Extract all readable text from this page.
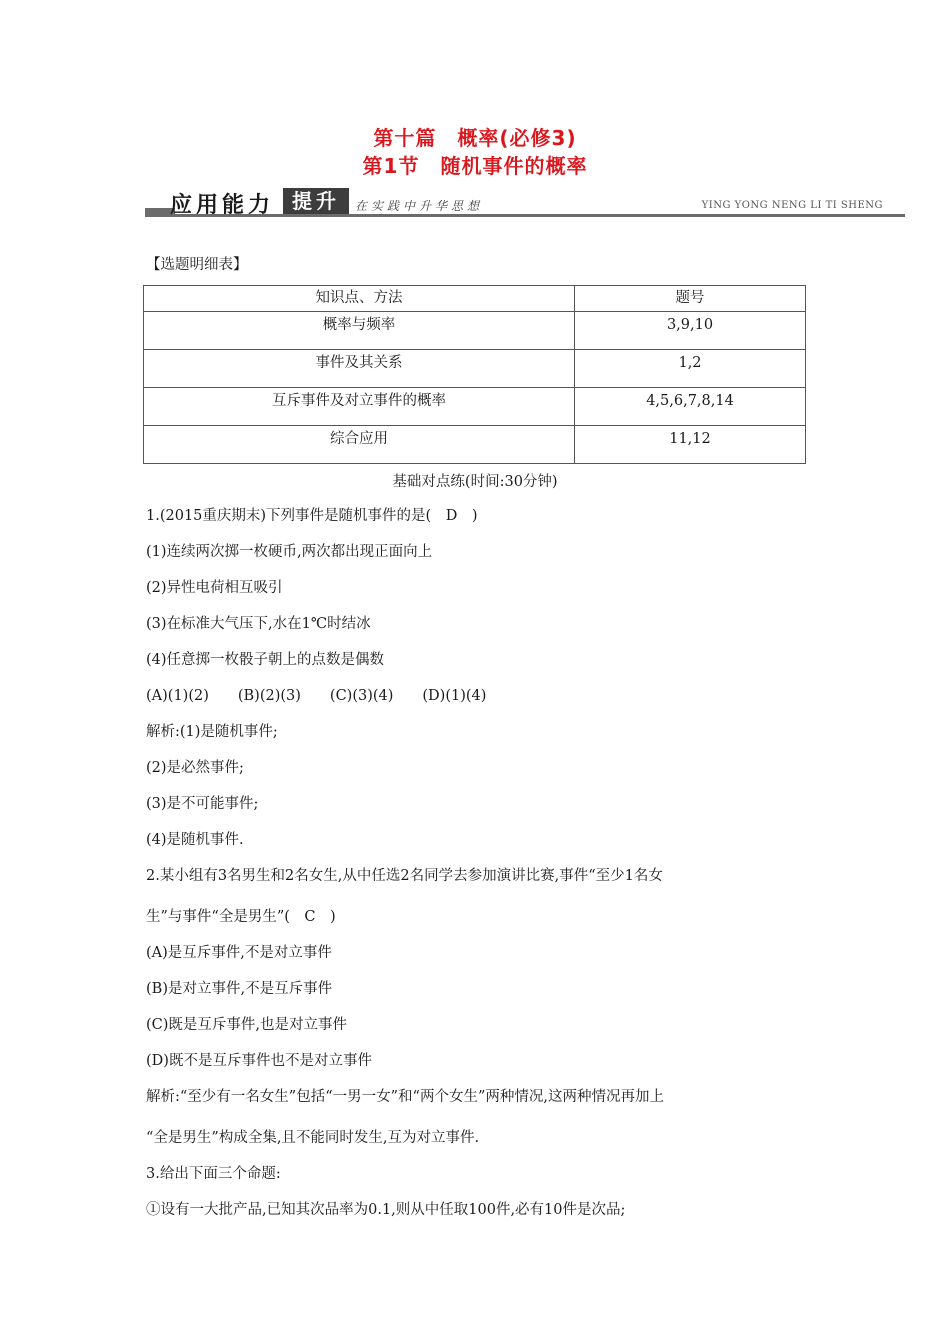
第十篇　概率(必修3)
第1节　随机事件的概率
应用能力 提升	在实践中升华思想	YING YONG NENG LI TI SHENG
【选题明细表】
知识点、方法	题号
概率与频率	3,9,10
事件及其关系	1,2
互斥事件及对立事件的概率	4,5,6,7,8,14
综合应用	11,12
基础对点练(时间:30分钟)
1.(2015重庆期末)下列事件是随机事件的是(　D　)
(1)连续两次掷一枚硬币,两次都出现正面向上
(2)异性电荷相互吸引
(3)在标准大气压下,水在1℃时结冰
(4)任意掷一枚骰子朝上的点数是偶数
(A)(1)(2)　　(B)(2)(3)　　(C)(3)(4)　　(D)(1)(4)
解析:(1)是随机事件;
(2)是必然事件;
(3)是不可能事件;
(4)是随机事件.
2.某小组有3名男生和2名女生,从中任选2名同学去参加演讲比赛,事件“至少1名女
生”与事件“全是男生”(　C　)
(A)是互斥事件,不是对立事件
(B)是对立事件,不是互斥事件
(C)既是互斥事件,也是对立事件
(D)既不是互斥事件也不是对立事件
解析:“至少有一名女生”包括“一男一女”和“两个女生”两种情况,这两种情况再加上
“全是男生”构成全集,且不能同时发生,互为对立事件.
3.给出下面三个命题:
①设有一大批产品,已知其次品率为0.1,则从中任取100件,必有10件是次品;
